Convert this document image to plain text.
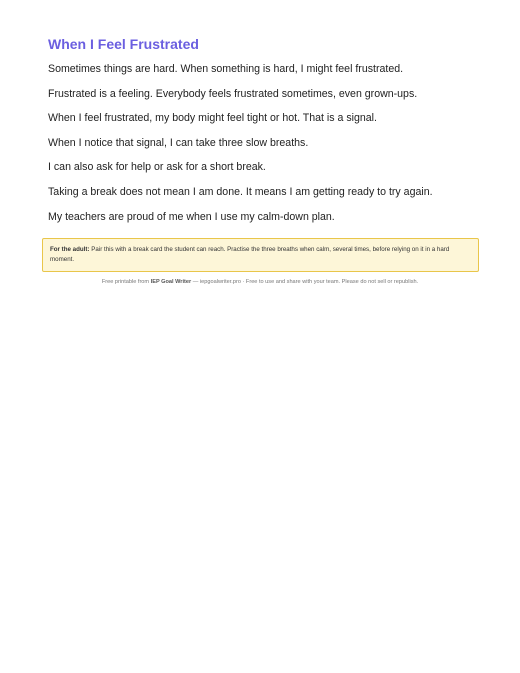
When I Feel Frustrated

Sometimes things are hard. When something is hard, I might feel frustrated.

Frustrated is a feeling. Everybody feels frustrated sometimes, even grown-ups.

When I feel frustrated, my body might feel tight or hot. That is a signal.

When I notice that signal, I can take three slow breaths.

I can also ask for help or ask for a short break.

Taking a break does not mean I am done. It means I am getting ready to try again.

My teachers are proud of me when I use my calm-down plan.

For the adult: Pair this with a break card the student can reach. Practise the three breaths when calm, several times, before relying on it in a hard moment.
Free printable from IEP Goal Writer — iepgoalwriter.pro · Free to use and share with your team. Please do not sell or republish.
